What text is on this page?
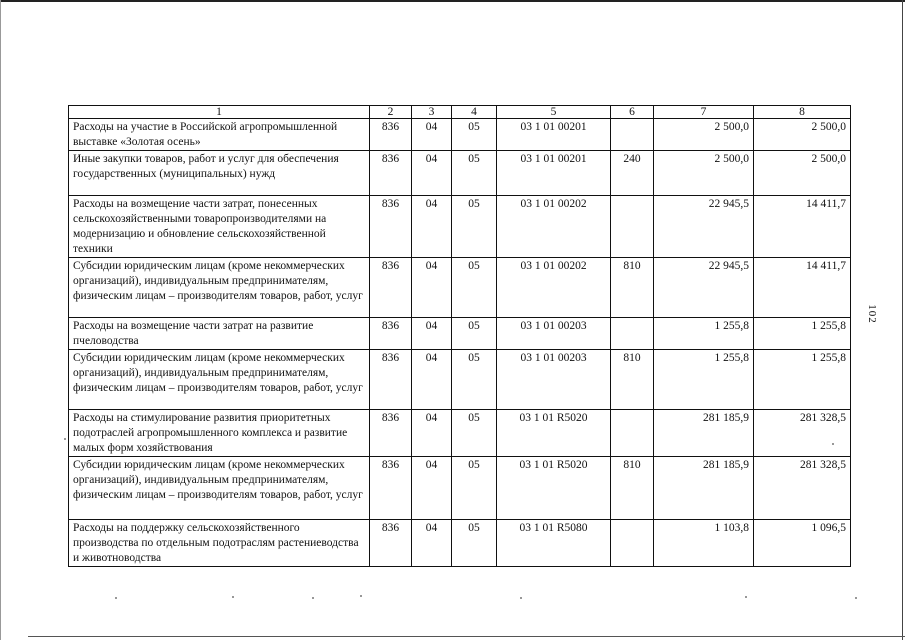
1	2	3	4	5	6	7	8
Расходы на участие в Российской агропромышленной выставке «Золотая осень»	836	04	05	03 1 01 00201		2 500,0	2 500,0
Иные закупки товаров, работ и услуг для обеспечения государственных (муниципальных) нужд	836	04	05	03 1 01 00201	240	2 500,0	2 500,0
Расходы на возмещение части затрат, понесенных сельскохозяйственными товаропроизводителями на модернизацию и обновление сельскохозяйственной техники	836	04	05	03 1 01 00202		22 945,5	14 411,7
Субсидии юридическим лицам (кроме некоммерческих организаций), индивидуальным предпринимателям, физическим лицам – производителям товаров, работ, услуг	836	04	05	03 1 01 00202	810	22 945,5	14 411,7
Расходы на возмещение части затрат на развитие пчеловодства	836	04	05	03 1 01 00203		1 255,8	1 255,8
Субсидии юридическим лицам (кроме некоммерческих организаций), индивидуальным предпринимателям, физическим лицам – производителям товаров, работ, услуг	836	04	05	03 1 01 00203	810	1 255,8	1 255,8
Расходы на стимулирование развития приоритетных подотраслей агропромышленного комплекса и развитие малых форм хозяйствования	836	04	05	03 1 01 R5020		281 185,9	281 328,5
Субсидии юридическим лицам (кроме некоммерческих организаций), индивидуальным предпринимателям, физическим лицам – производителям товаров, работ, услуг	836	04	05	03 1 01 R5020	810	281 185,9	281 328,5
Расходы на поддержку сельскохозяйственного производства по отдельным подотраслям растениеводства и животноводства	836	04	05	03 1 01 R5080		1 103,8	1 096,5
102
